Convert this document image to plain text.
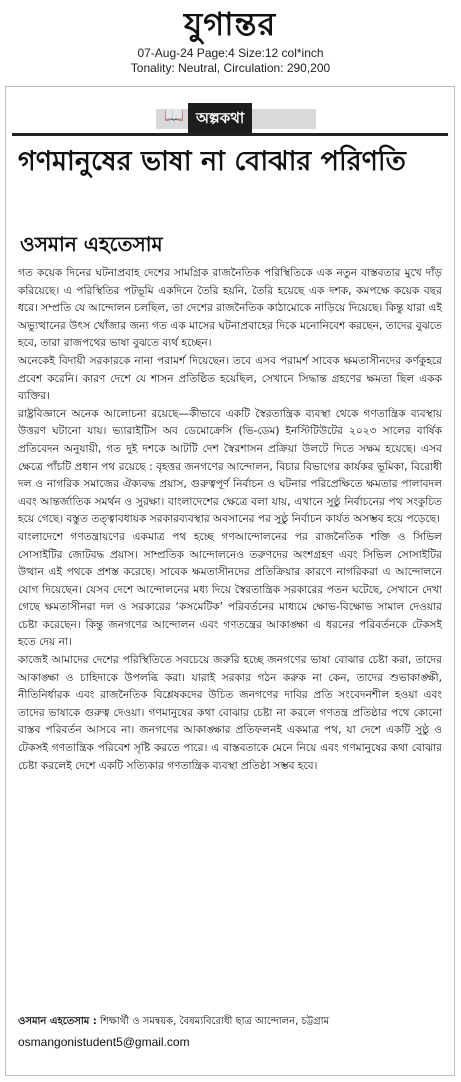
যুগান্তর
07-Aug-24 Page:4 Size:12 col*inch
Tonality: Neutral, Circulation: 290,200
📖 অল্পকথা
গণমানুষের ভাষা না বোঝার পরিণতি
ওসমান এহতেসাম

গত কয়েক দিনের ঘটনাপ্রবাহ দেশের সামগ্রিক রাজনৈতিক পরিস্থিতিকে এক নতুন বাস্তবতার মুখে দাঁড় করিয়েছে। এ পরিস্থিতির পটভূমি একদিনে তৈরি হয়নি, তৈরি হয়েছে এক দশক, কমপক্ষে কয়েক বছর ধরে। সম্প্রতি যে আন্দোলন চলছিল, তা দেশের রাজনৈতিক কাঠামোকে নাড়িয়ে দিয়েছে। কিন্তু যারা এই অভ্যুত্থানের উৎস খোঁজার জন্য গত এক মাসের ঘটনাপ্রবাহের দিকে মনোনিবেশ করছেন, তাদের বুঝতে হবে, তারা রাজপথের ভাষা বুঝতে ব্যর্থ হচ্ছেন।

অনেকেই বিদায়ী সরকারকে নানা পরামর্শ দিয়েছেন। তবে এসব পরামর্শ সাবেক ক্ষমতাসীনদের কর্ণকুহরে প্রবেশ করেনি। কারণ দেশে যে শাসন প্রতিষ্ঠিত হয়েছিল, সেখানে সিদ্ধান্ত গ্রহণের ক্ষমতা ছিল একক ব্যক্তির।

রাষ্ট্রবিজ্ঞানে অনেক আলোচনা রয়েছে—কীভাবে একটি স্বৈরতান্ত্রিক ব্যবস্থা থেকে গণতান্ত্রিক ব্যবস্থায় উত্তরণ ঘটানো যায়। ভ্যারাইটিস অব ডেমোক্রেসি (ভি-ডেম) ইনস্টিটিউটের ২০২৩ সালের বার্ষিক প্রতিবেদন অনুযায়ী, গত দুই দশকে আটটি দেশ স্বৈরশাসন প্রক্রিয়া উলটে দিতে সক্ষম হয়েছে। এসব ক্ষেত্রে পাঁচটি প্রধান পথ রয়েছে : বৃহত্তর জনগণের আন্দোলন, বিচার বিভাগের কার্যকর ভূমিকা, বিরোধী দল ও নাগরিক সমাজের ঐক্যবদ্ধ প্রয়াস, গুরুত্বপূর্ণ নির্বাচন ও ঘটনার পরিপ্রেক্ষিতে ক্ষমতার পালাবদল এবং আন্তর্জাতিক সমর্থন ও সুরক্ষা। বাংলাদেশের ক্ষেত্রে বলা যায়, এখানে সুষ্ঠু নির্বাচনের পথ সংকুচিত হয়ে গেছে। বস্তুত তত্ত্বাবধায়ক সরকারব্যবস্থার অবসানের পর সুষ্ঠু নির্বাচন কার্যত অসম্ভব হয়ে পড়েছে।

বাংলাদেশে গণতন্ত্রায়ণের একমাত্র পথ হচ্ছে গণআন্দোলনের পর রাজনৈতিক শক্তি ও সিভিল সোসাইটির জোটবদ্ধ প্রয়াস। সাম্প্রতিক আন্দোলনেও তরুণদের অংশগ্রহণ এবং সিভিল সোসাইটির উত্থান এই পথকে প্রশস্ত করেছে। সাবেক ক্ষমতাসীনদের প্রতিক্রিয়ার কারণে নাগরিকরা এ আন্দোলনে যোগ দিয়েছেন। যেসব দেশে আন্দোলনের মধ্য দিয়ে স্বৈরতান্ত্রিক সরকারের পতন ঘটেছে, সেখানে দেখা গেছে ক্ষমতাসীনরা দল ও সরকারের ‘কসমেটিক’ পরিবর্তনের মাধ্যমে ক্ষোভ-বিক্ষোভ সামাল দেওয়ার চেষ্টা করেছেন। কিন্তু জনগণের আন্দোলন এবং গণতন্ত্রের আকাঙ্ক্ষা এ ধরনের পরিবর্তনকে টেকসই হতে দেয় না।

কাজেই আমাদের দেশের পরিস্থিতিতে সবচেয়ে জরুরি হচ্ছে জনগণের ভাষা বোঝার চেষ্টা করা, তাদের আকাঙ্ক্ষা ও চাহিদাকে উপলব্ধি করা। যারাই সরকার গঠন করুক না কেন, তাদের শুভাকাঙ্ক্ষী, নীতিনির্ধারক এবং রাজনৈতিক বিশ্লেষকদের উচিত জনগণের দাবির প্রতি সংবেদনশীল হওয়া এবং তাদের ভাষাকে গুরুত্ব দেওয়া। গণমানুষের কথা বোঝার চেষ্টা না করলে গণতন্ত্র প্রতিষ্ঠার পথে কোনো বাস্তব পরিবর্তন আসবে না। জনগণের আকাঙ্ক্ষার প্রতিফলনই একমাত্র পথ, যা দেশে একটি সুষ্ঠু ও টেকসই গণতান্ত্রিক পরিবেশ সৃষ্টি করতে পারে। এ বাস্তবতাকে মেনে নিয়ে এবং গণমানুষের কথা বোঝার চেষ্টা করলেই দেশে একটি সত্যিকার গণতান্ত্রিক ব্যবস্থা প্রতিষ্ঠা সম্ভব হবে।

ওসমান এহতেসাম : শিক্ষার্থী ও সমন্বয়ক, বৈষম্যবিরোধী ছাত্র আন্দোলন, চট্টগ্রাম
osmangonistudent5@gmail.com
